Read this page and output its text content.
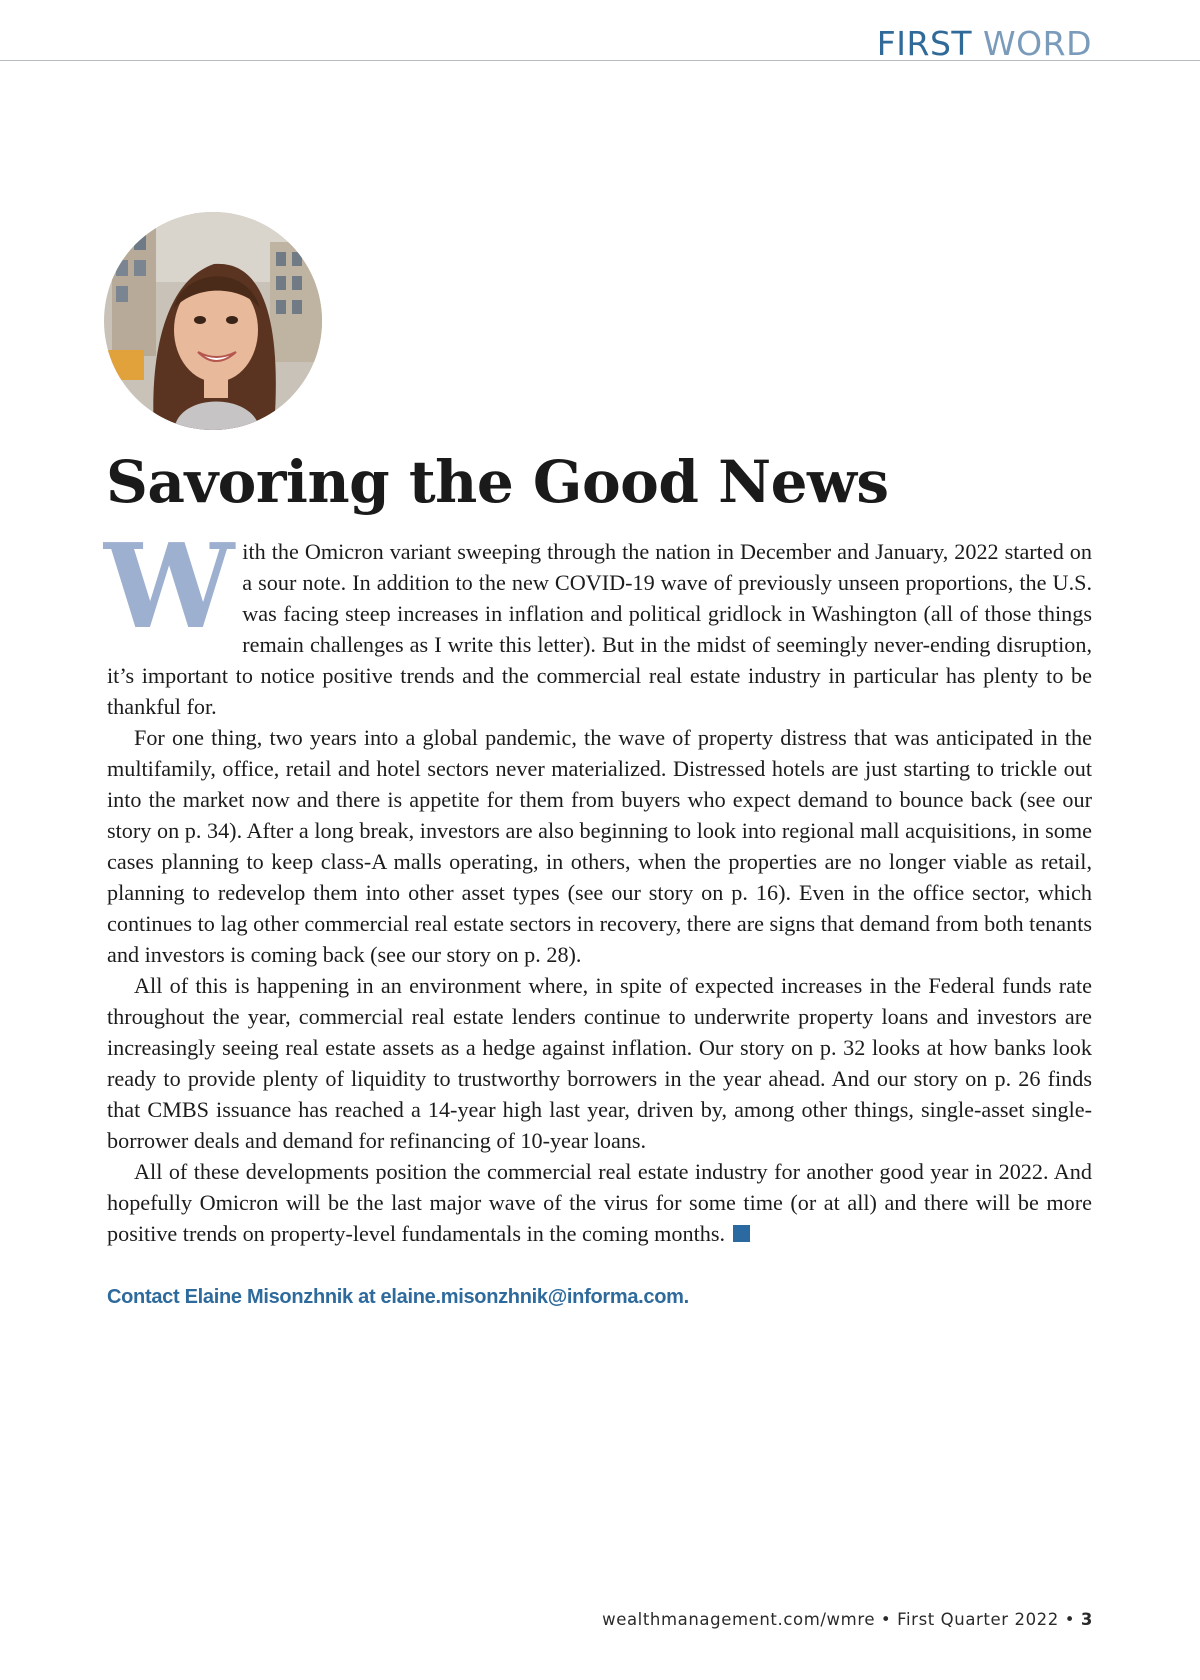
FIRST WORD
Savoring the Good News

With the Omicron variant sweeping through the nation in December and January, 2022 started on a sour note. In addition to the new COVID-19 wave of previously unseen proportions, the U.S. was facing steep increases in inflation and political gridlock in Washington (all of those things remain challenges as I write this letter). But in the midst of seemingly never-ending disruption, it’s important to notice positive trends and the commercial real estate industry in particular has plenty to be thankful for.

For one thing, two years into a global pandemic, the wave of property distress that was anticipated in the multifamily, office, retail and hotel sectors never materialized. Distressed hotels are just starting to trickle out into the market now and there is appetite for them from buyers who expect demand to bounce back (see our story on p. 34). After a long break, investors are also beginning to look into regional mall acquisitions, in some cases planning to keep class-A malls operating, in others, when the properties are no longer viable as retail, planning to redevelop them into other asset types (see our story on p. 16). Even in the office sector, which continues to lag other commercial real estate sectors in recovery, there are signs that demand from both tenants and investors is coming back (see our story on p. 28).

All of this is happening in an environment where, in spite of expected increases in the Federal funds rate throughout the year, commercial real estate lenders continue to underwrite property loans and investors are increasingly seeing real estate assets as a hedge against inflation. Our story on p. 32 looks at how banks look ready to provide plenty of liquidity to trustworthy borrowers in the year ahead. And our story on p. 26 finds that CMBS issuance has reached a 14-year high last year, driven by, among other things, single-asset single-borrower deals and demand for refinancing of 10-year loans.

All of these developments position the commercial real estate industry for another good year in 2022. And hopefully Omicron will be the last major wave of the virus for some time (or at all) and there will be more positive trends on property-level fundamentals in the coming months.

Contact Elaine Misonzhnik at elaine.misonzhnik@informa.com.
wealthmanagement.com/wmre • First Quarter 2022 • 3
